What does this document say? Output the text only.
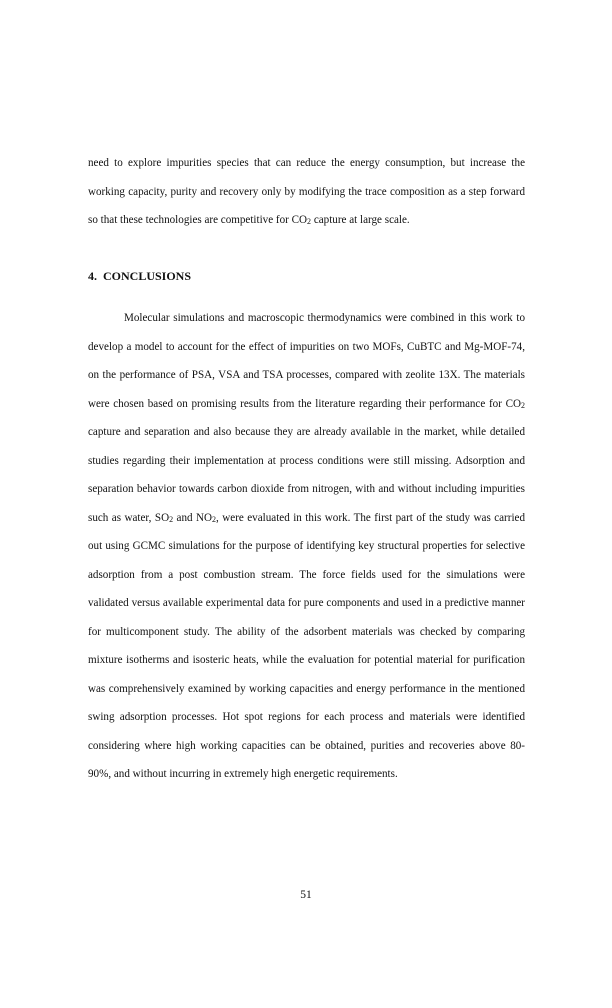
need to explore impurities species that can reduce the energy consumption, but increase the working capacity, purity and recovery only by modifying the trace composition as a step forward so that these technologies are competitive for $CO_2$ capture at large scale.

4.  CONCLUSIONS

Molecular simulations and macroscopic thermodynamics were combined in this work to develop a model to account for the effect of impurities on two MOFs, CuBTC and Mg-MOF-74, on the performance of PSA, VSA and TSA processes, compared with zeolite 13X. The materials were chosen based on promising results from the literature regarding their performance for $CO_2$ capture and separation and also because they are already available in the market, while detailed studies regarding their implementation at process conditions were still missing. Adsorption and separation behavior towards carbon dioxide from nitrogen, with and without including impurities such as water, $SO_2$ and $NO_2$, were evaluated in this work. The first part of the study was carried out using GCMC simulations for the purpose of identifying key structural properties for selective adsorption from a post combustion stream. The force fields used for the simulations were validated versus available experimental data for pure components and used in a predictive manner for multicomponent study. The ability of the adsorbent materials was checked by comparing mixture isotherms and isosteric heats, while the evaluation for potential material for purification was comprehensively examined by working capacities and energy performance in the mentioned swing adsorption processes. Hot spot regions for each process and materials were identified considering where high working capacities can be obtained, purities and recoveries above 80-90%, and without incurring in extremely high energetic requirements.

51
